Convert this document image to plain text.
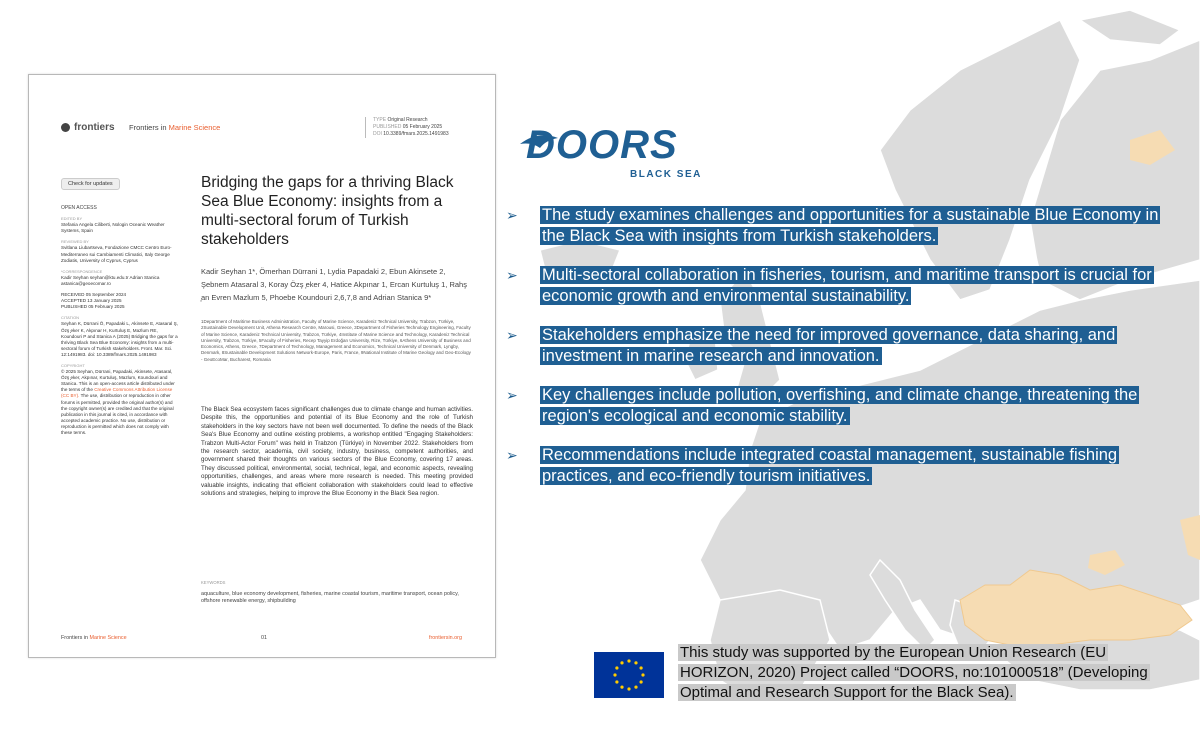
frontiers Frontiers in Marine Science
TYPE Original Research
PUBLISHED 05 February 2025
DOI 10.3389/fmars.2025.1491983
Check for updates
OPEN ACCESS
EDITED BY
Stefania Angela Ciliberti, Nologin Oceanic Weather Systems, Spain
REVIEWED BY
Svitlana Liubartseva, Fondazione CMCC Centro Euro-Mediterraneo sui Cambiamenti Climatici, Italy George Zodiatis, University of Cyprus, Cyprus
*CORRESPONDENCE
Kadir Seyhan seyhan@ktu.edu.tr Adrian Stanica astanica@geoecomar.ro
RECEIVED 05 September 2024
ACCEPTED 13 January 2025
PUBLISHED 05 February 2025
CITATION
Seyhan K, Dürrani Ö, Papadaki L, Akinsete E, Atasaral Ş, Özş ̧eker K, Akpınar H, Kurtuluş E, Mazlum RE, Koundouri P and Stanica A (2025) Bridging the gaps for a thriving Black Sea Blue Economy: insights from a multi-sectoral forum of Turkish stakeholders. Front. Mar. Sci. 12:1491983. doi: 10.3389/fmars.2025.1491983
COPYRIGHT
© 2025 Seyhan, Dürrani, Papadaki, Akinsete, Atasaral, Özş ̧eker, Akpınar, Kurtuluş, Mazlum, Koundouri and Stanica. This is an open-access article distributed under the terms of the Creative Commons Attribution License (CC BY). The use, distribution or reproduction in other forums is permitted, provided the original author(s) and the copyright owner(s) are credited and that the original publication in this journal is cited, in accordance with accepted academic practice. No use, distribution or reproduction is permitted which does not comply with these terms.
Bridging the gaps for a thriving Black Sea Blue Economy: insights from a multi-sectoral forum of Turkish stakeholders
Kadir Seyhan 1*, Ömerhan Dürrani 1, Lydia Papadaki 2, Ebun Akinsete 2, Şebnem Atasaral 3, Koray Özş ̧eker 4, Hatice Akpınar 1, Ercan Kurtuluş 1, Rahş ̧an Evren Mazlum 5, Phoebe Koundouri 2,6,7,8 and Adrian Stanica 9*
1Department of Maritime Business Administration, Faculty of Marine Science, Karadeniz Technical University, Trabzon, Türkiye, 2Sustainable Development Unit, Athena Research Centre, Marousi, Greece, 3Department of Fisheries Technology Engineering, Faculty of Marine Science, Karadeniz Technical University, Trabzon, Türkiye, 4Institute of Marine Science and Technology, Karadeniz Technical University, Trabzon, Türkiye, 5Faculty of Fisheries, Recep Tayyip Erdoğan University, Rize, Türkiye, 6Athens University of Business and Economics, Athens, Greece, 7Department of Technology, Management and Economics, Technical University of Denmark, Lyngby, Denmark, 8Sustainable Development Solutions Network-Europe, Paris, France, 9National Institute of Marine Geology and Geo-Ecology - GeoEcoMar, Bucharest, Romania
The Black Sea ecosystem faces significant challenges due to climate change and human activities. Despite this, the opportunities and potential of its Blue Economy and the role of Turkish stakeholders in the key sectors have not been well documented. To define the needs of the Black Sea's Blue Economy and outline existing problems, a workshop entitled "Engaging Stakeholders: Trabzon Multi-Actor Forum" was held in Trabzon (Türkiye) in November 2022. Stakeholders from the research sector, academia, civil society, industry, business, competent authorities, and government shared their thoughts on various sectors of the Blue Economy, covering 17 areas. They discussed political, environmental, social, technical, legal, and economic aspects, revealing opportunities, challenges, and areas where more research is needed. This meeting provided valuable insights, indicating that efficient collaboration with stakeholders could lead to effective solutions and strategies, helping to improve the Blue Economy in the Black Sea region.
KEYWORDS
aquaculture, blue economy development, fisheries, marine coastal tourism, maritime transport, ocean policy, offshore renewable energy, shipbuilding
Frontiers in Marine Science	01	frontiersin.org
DOORS
BLACK SEA
➢ The study examines challenges and opportunities for a sustainable Blue Economy in the Black Sea with insights from Turkish stakeholders.
➢ Multi-sectoral collaboration in fisheries, tourism, and maritime transport is crucial for economic growth and environmental sustainability.
➢ Stakeholders emphasize the need for improved governance, data sharing, and investment in marine research and innovation.
➢ Key challenges include pollution, overfishing, and climate change, threatening the region's ecological and economic stability.
➢ Recommendations include integrated coastal management, sustainable fishing practices, and eco-friendly tourism initiatives.
This study was supported by the European Union Research (EU HORIZON, 2020) Project called “DOORS, no:101000518” (Developing Optimal and Research Support for the Black Sea).
